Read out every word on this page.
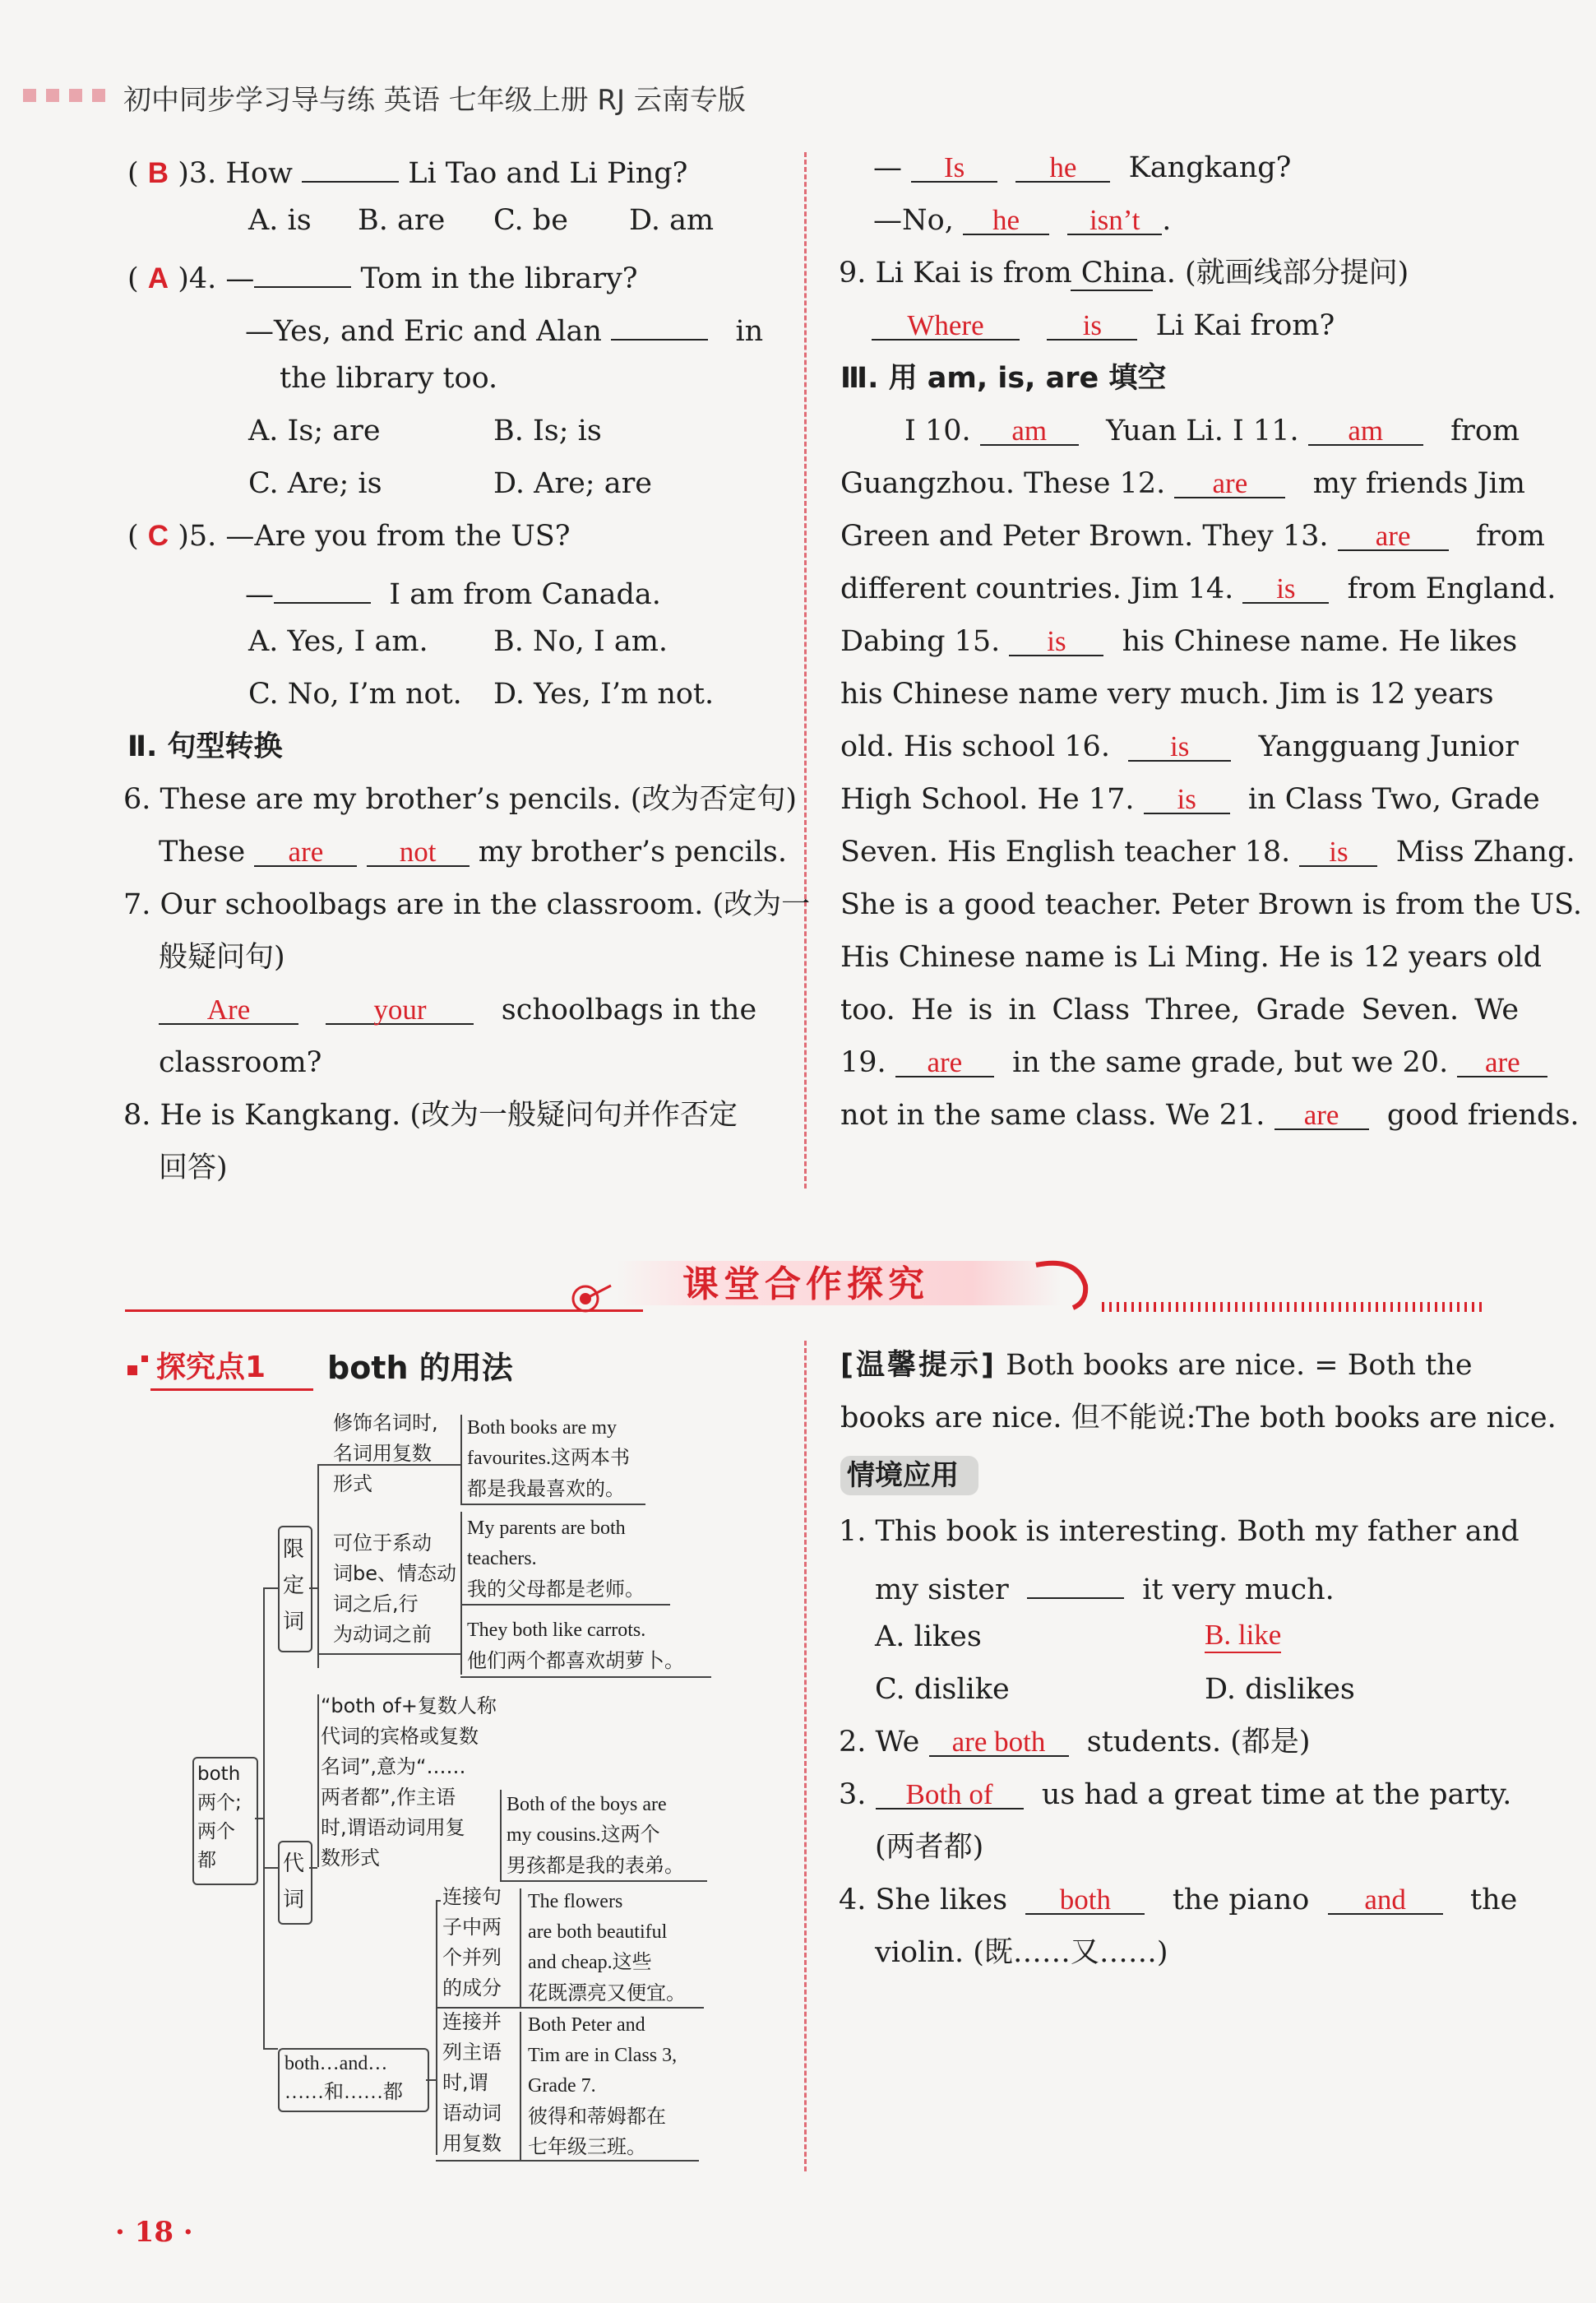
初中同步学习导与练 英语 七年级上册 RJ 云南专版
( B )3. How	Li Tao and Li Ping?
A. is B. are C. be D. am
( A )4. —	Tom in the library?
—Yes, and Eric and Alan	in
the library too.
A. Is; are	B. Is; is
C. Are; is	D. Are; are
( C )5. —Are you from the US?
—	I am from Canada.
A. Yes, I am. B. No, I am.
C. No, I’m not. D. Yes, I’m not.
Ⅱ. 句型转换
6. These are my brother’s pencils. (改为否定句)
These are	not my brother’s pencils.
7. Our schoolbags are in the classroom. (改为一
般疑问句)
Are	your	schoolbags in the
classroom?
8. He is Kangkang. (改为一般疑问句并作否定
回答)
— Is	he Kangkang?
—No, he isn’t .
9. Li Kai is from China. (就画线部分提问)
Where	is Li Kai from?
Ⅲ. 用 am, is, are 填空
I 10. am Yuan Li. I 11. am from
Guangzhou. These 12. are my friends Jim
Green and Peter Brown. They 13. are from
different countries. Jim 14. is from England.
Dabing 15. is his Chinese name. He likes
his Chinese name very much. Jim is 12 years
old. His school 16. is Yangguang Junior
High School. He 17. is in Class Two, Grade
Seven. His English teacher 18. is Miss Zhang.
She is a good teacher. Peter Brown is from the US.
His Chinese name is Li Ming. He is 12 years old
too. He is in Class Three, Grade Seven. We
19. are in the same grade, but we 20. are
not in the same class. We 21. are good friends.
课堂合作探究
探究点1 both 的用法
both 两个; 两个都
限定词
修饰名词时,
名词用复数
形式
Both books are my
favourites.这两本书
都是我最喜欢的。
可位于系动
词be、情态动
词之后,行
为动词之前
My parents are both
teachers.
我的父母都是老师。
They both like carrots.
他们两个都喜欢胡萝卜。
代词
“both of+复数人称
代词的宾格或复数
名词”,意为“……
两者都”,作主语
时,谓语动词用复
数形式
Both of the boys are
my cousins.这两个
男孩都是我的表弟。
both…and… ……和……都
连接句
子中两
个并列
的成分
The flowers
are both beautiful
and cheap.这些
花既漂亮又便宜。
连接并
列主语
时,谓
语动词
用复数
Both Peter and
Tim are in Class 3,
Grade 7.
彼得和蒂姆都在
七年级三班。
[温馨提示] Both books are nice. = Both the
books are nice. 但不能说:The both books are nice.
情境应用
1. This book is interesting. Both my father and
my sister	it very much.
A. likes	B. like
C. dislike	D. dislikes
2. We are both students. (都是)
3. Both of us had a great time at the party.
(两者都)
4. She likes both the piano and the
violin. (既……又……)
· 18 ·
